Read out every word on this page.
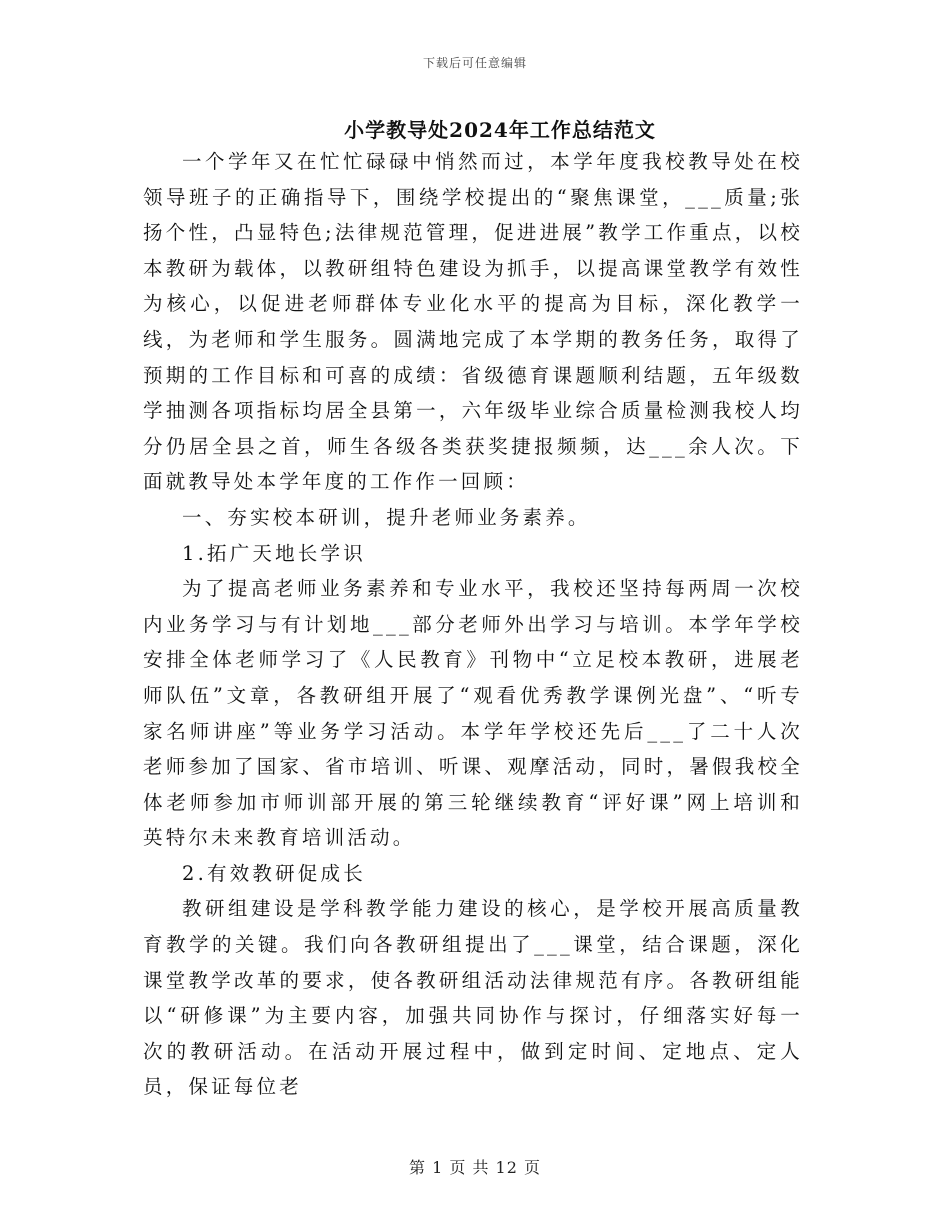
下载后可任意编辑
小学教导处2024年工作总结范文

一个学年又在忙忙碌碌中悄然而过，本学年度我校教导处在校领导班子的正确指导下，围绕学校提出的“聚焦课堂，___质量;张扬个性，凸显特色;法律规范管理，促进进展”教学工作重点，以校本教研为载体，以教研组特色建设为抓手，以提高课堂教学有效性为核心，以促进老师群体专业化水平的提高为目标，深化教学一线，为老师和学生服务。圆满地完成了本学期的教务任务，取得了预期的工作目标和可喜的成绩：省级德育课题顺利结题，五年级数学抽测各项指标均居全县第一，六年级毕业综合质量检测我校人均分仍居全县之首，师生各级各类获奖捷报频频，达___余人次。下面就教导处本学年度的工作作一回顾：

一、夯实校本研训，提升老师业务素养。

1.拓广天地长学识

为了提高老师业务素养和专业水平，我校还坚持每两周一次校内业务学习与有计划地___部分老师外出学习与培训。本学年学校安排全体老师学习了《人民教育》刊物中“立足校本教研，进展老师队伍”文章，各教研组开展了“观看优秀教学课例光盘”、“听专家名师讲座”等业务学习活动。本学年学校还先后___了二十人次老师参加了国家、省市培训、听课、观摩活动，同时，暑假我校全体老师参加市师训部开展的第三轮继续教育“评好课”网上培训和英特尔未来教育培训活动。

2.有效教研促成长

教研组建设是学科教学能力建设的核心，是学校开展高质量教育教学的关键。我们向各教研组提出了___课堂，结合课题，深化课堂教学改革的要求，使各教研组活动法律规范有序。各教研组能以“研修课”为主要内容，加强共同协作与探讨，仔细落实好每一次的教研活动。在活动开展过程中，做到定时间、定地点、定人员，保证每位老

第 1 页 共 12 页
